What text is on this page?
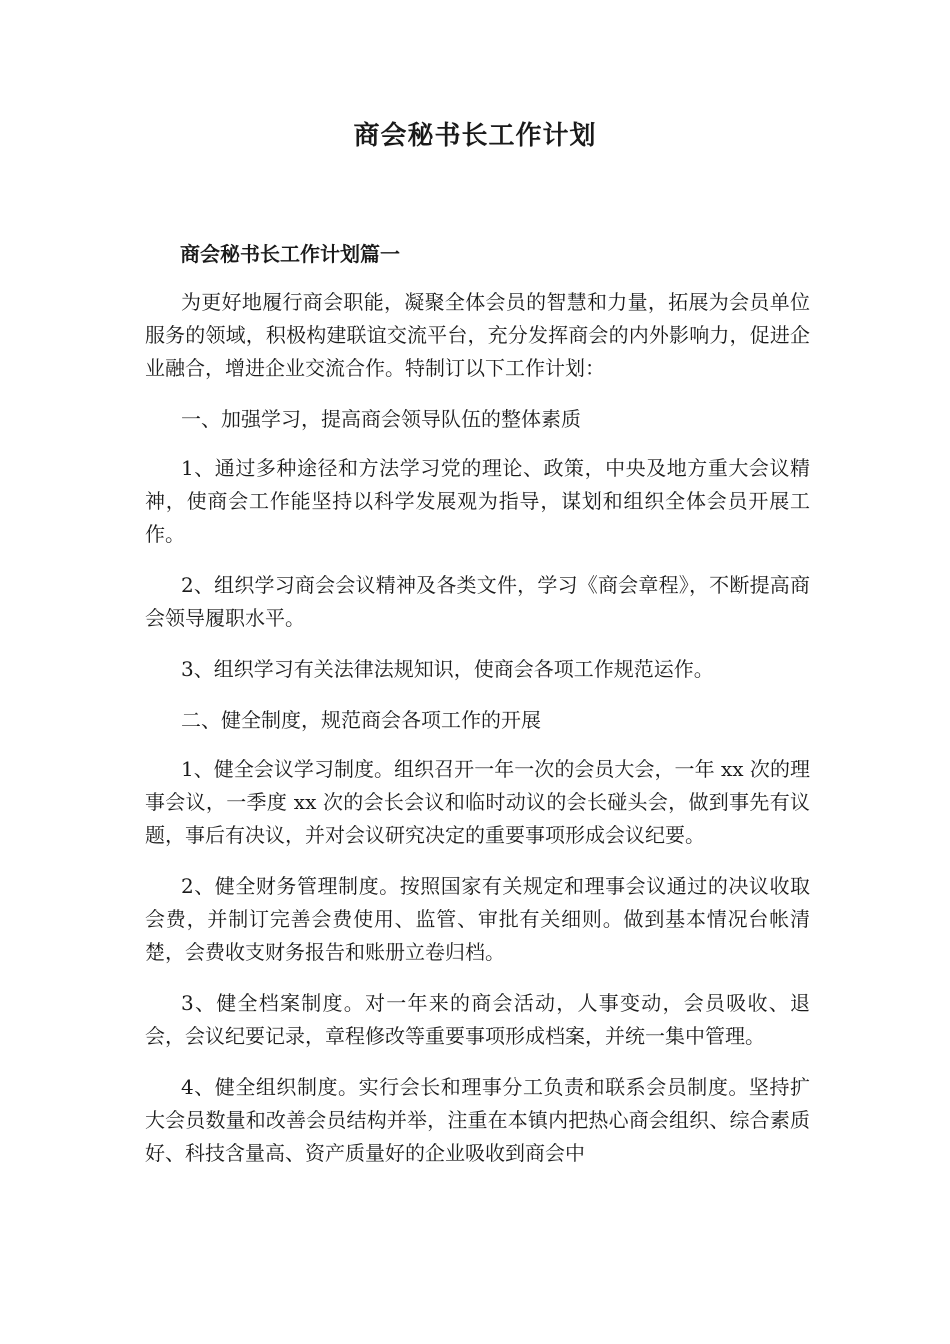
商会秘书长工作计划
商会秘书长工作计划篇一

为更好地履行商会职能，凝聚全体会员的智慧和力量，拓展为会员单位服务的领域，积极构建联谊交流平台，充分发挥商会的内外影响力，促进企业融合，增进企业交流合作。特制订以下工作计划：

一、加强学习，提高商会领导队伍的整体素质

1、通过多种途径和方法学习党的理论、政策，中央及地方重大会议精神，使商会工作能坚持以科学发展观为指导，谋划和组织全体会员开展工作。

2、组织学习商会会议精神及各类文件，学习《商会章程》，不断提高商会领导履职水平。

3、组织学习有关法律法规知识，使商会各项工作规范运作。

二、健全制度，规范商会各项工作的开展

1、健全会议学习制度。组织召开一年一次的会员大会，一年 xx 次的理事会议，一季度 xx 次的会长会议和临时动议的会长碰头会，做到事先有议题，事后有决议，并对会议研究决定的重要事项形成会议纪要。

2、健全财务管理制度。按照国家有关规定和理事会议通过的决议收取会费，并制订完善会费使用、监管、审批有关细则。做到基本情况台帐清楚，会费收支财务报告和账册立卷归档。

3、健全档案制度。对一年来的商会活动，人事变动，会员吸收、退会，会议纪要记录，章程修改等重要事项形成档案，并统一集中管理。

4、健全组织制度。实行会长和理事分工负责和联系会员制度。坚持扩大会员数量和改善会员结构并举，注重在本镇内把热心商会组织、综合素质好、科技含量高、资产质量好的企业吸收到商会中
